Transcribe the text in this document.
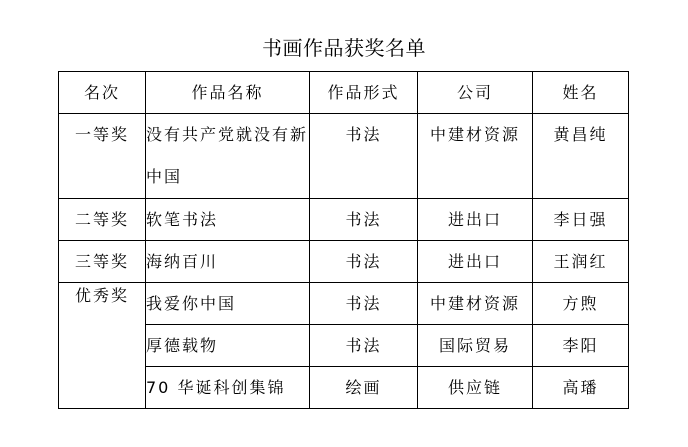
书画作品获奖名单
名次	作品名称	作品形式	公司	姓名
一等奖	没有共产党就没有新中国	书法	中建材资源	黄昌纯
二等奖	软笔书法	书法	进出口	李日强
三等奖	海纳百川	书法	进出口	王润红
优秀奖	我爱你中国	书法	中建材资源	方煦
	厚德载物	书法	国际贸易	李阳
	70 华诞科创集锦	绘画	供应链	高璠
